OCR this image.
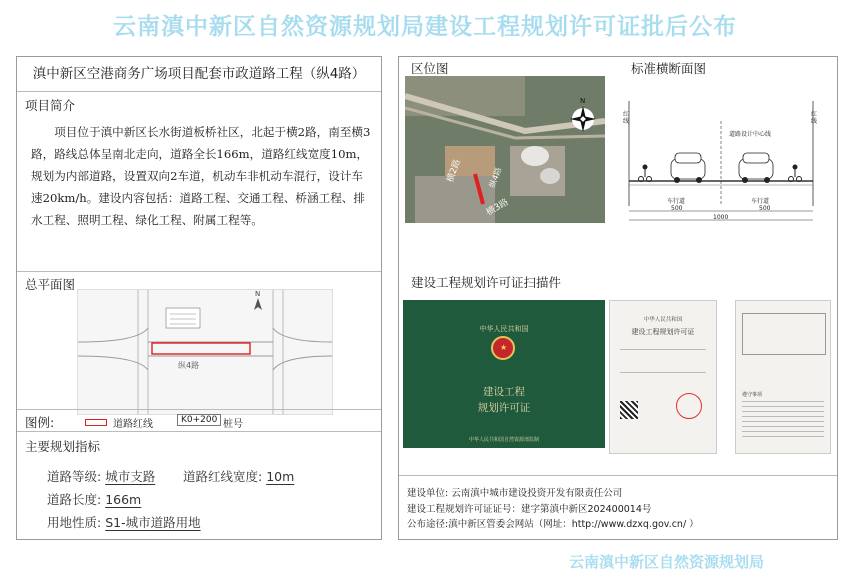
云南滇中新区自然资源规划局建设工程规划许可证批后公布
滇中新区空港商务广场项目配套市政道路工程（纵4路）
项目简介
项目位于滇中新区长水街道板桥社区，北起于横2路，南至横3路，路线总体呈南北走向，道路全长166m，道路红线宽度10m，规划为内部道路，设置双向2车道，机动车非机动车混行，设计车速20km/h。建设内容包括：道路工程、交通工程、桥涵工程、排水工程、照明工程、绿化工程、附属工程等。
总平面图
纵4路
N
图例:	道路红线	K0+200 桩号
主要规划指标
道路等级: 城市支路 道路红线宽度: 10m
道路长度: 166m
用地性质: S1-城市道路用地
区位图	标准横断面图
横2路	纵4路
横3路
N
红线
红线
道路设计中心线
车行道	车行道
500	500
1000
建设工程规划许可证扫描件
中华人民共和国
★
建设工程
规划许可证
中华人民共和国自然资源部监制
中华人民共和国
建设工程规划许可证
遵守事项
建设单位: 云南滇中城市建设投资开发有限责任公司
建设工程规划许可证证号：建字第滇中新区202400014号
公布途径:滇中新区管委会网站（网址：http://www.dzxq.gov.cn/ ）
云南滇中新区自然资源规划局
